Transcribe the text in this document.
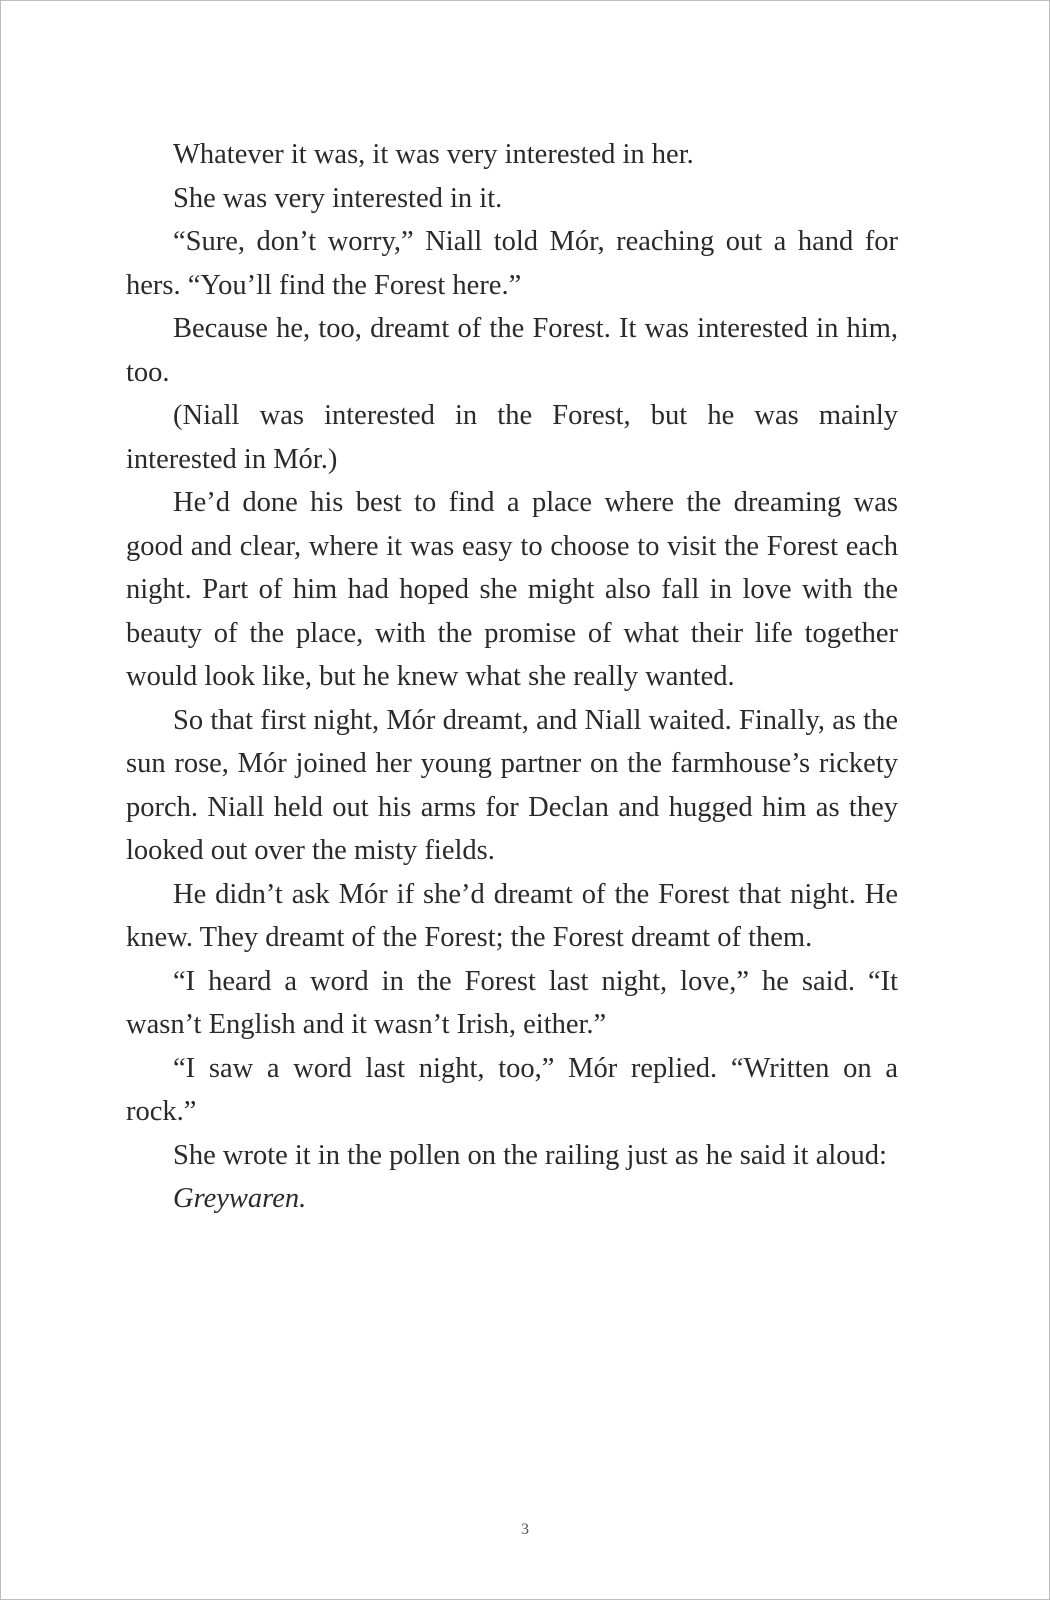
Whatever it was, it was very interested in her.

She was very interested in it.

“Sure, don’t worry,” Niall told Mór, reaching out a hand for hers. “You’ll find the Forest here.”

Because he, too, dreamt of the Forest. It was interested in him, too.

(Niall was interested in the Forest, but he was mainly interested in Mór.)

He’d done his best to find a place where the dreaming was good and clear, where it was easy to choose to visit the Forest each night. Part of him had hoped she might also fall in love with the beauty of the place, with the promise of what their life together would look like, but he knew what she really wanted.

So that first night, Mór dreamt, and Niall waited. Finally, as the sun rose, Mór joined her young partner on the farmhouse’s rickety porch. Niall held out his arms for Declan and hugged him as they looked out over the misty fields.

He didn’t ask Mór if she’d dreamt of the Forest that night. He knew. They dreamt of the Forest; the Forest dreamt of them.

“I heard a word in the Forest last night, love,” he said. “It wasn’t English and it wasn’t Irish, either.”

“I saw a word last night, too,” Mór replied. “Written on a rock.”

She wrote it in the pollen on the railing just as he said it aloud:

Greywaren.

3
